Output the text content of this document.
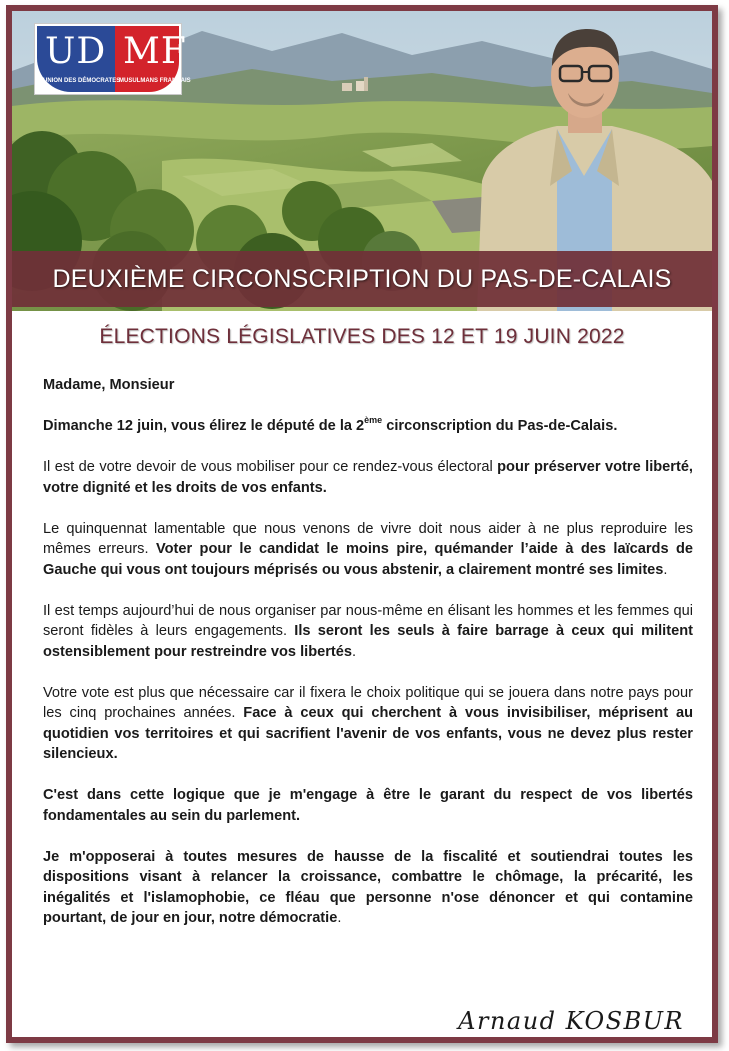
UD MF
UNION DES DÉMOCRATES
MUSULMANS FRANÇAIS
DEUXIÈME CIRCONSCRIPTION DU PAS-DE-CALAIS
ÉLECTIONS LÉGISLATIVES DES 12 ET 19 JUIN 2022

Madame, Monsieur

Dimanche 12 juin, vous élirez le député de la 2ème circonscription du Pas-de-Calais.

Il est de votre devoir de vous mobiliser pour ce rendez-vous électoral pour préserver votre liberté, votre dignité et les droits de vos enfants.

Le quinquennat lamentable que nous venons de vivre doit nous aider à ne plus reproduire les mêmes erreurs. Voter pour le candidat le moins pire, quémander l’aide à des laïcards de Gauche qui vous ont toujours méprisés ou vous abstenir, a clairement montré ses limites.

Il est temps aujourd’hui de nous organiser par nous-même en élisant les hommes et les femmes qui seront fidèles à leurs engagements. Ils seront les seuls à faire barrage à ceux qui militent ostensiblement pour restreindre vos libertés.

Votre vote est plus que nécessaire car il fixera le choix politique qui se jouera dans notre pays pour les cinq prochaines années. Face à ceux qui cherchent à vous invisibiliser, méprisent au quotidien vos territoires et qui sacrifient l'avenir de vos enfants, vous ne devez plus rester silencieux.

C'est dans cette logique que je m'engage à être le garant du respect de vos libertés fondamentales au sein du parlement.

Je m'opposerai à toutes mesures de hausse de la fiscalité et soutiendrai toutes les dispositions visant à relancer la croissance, combattre le chômage, la précarité, les inégalités et l'islamophobie, ce fléau que personne n'ose dénoncer et qui contamine pourtant, de jour en jour, notre démocratie.

Arnaud KOSBUR
